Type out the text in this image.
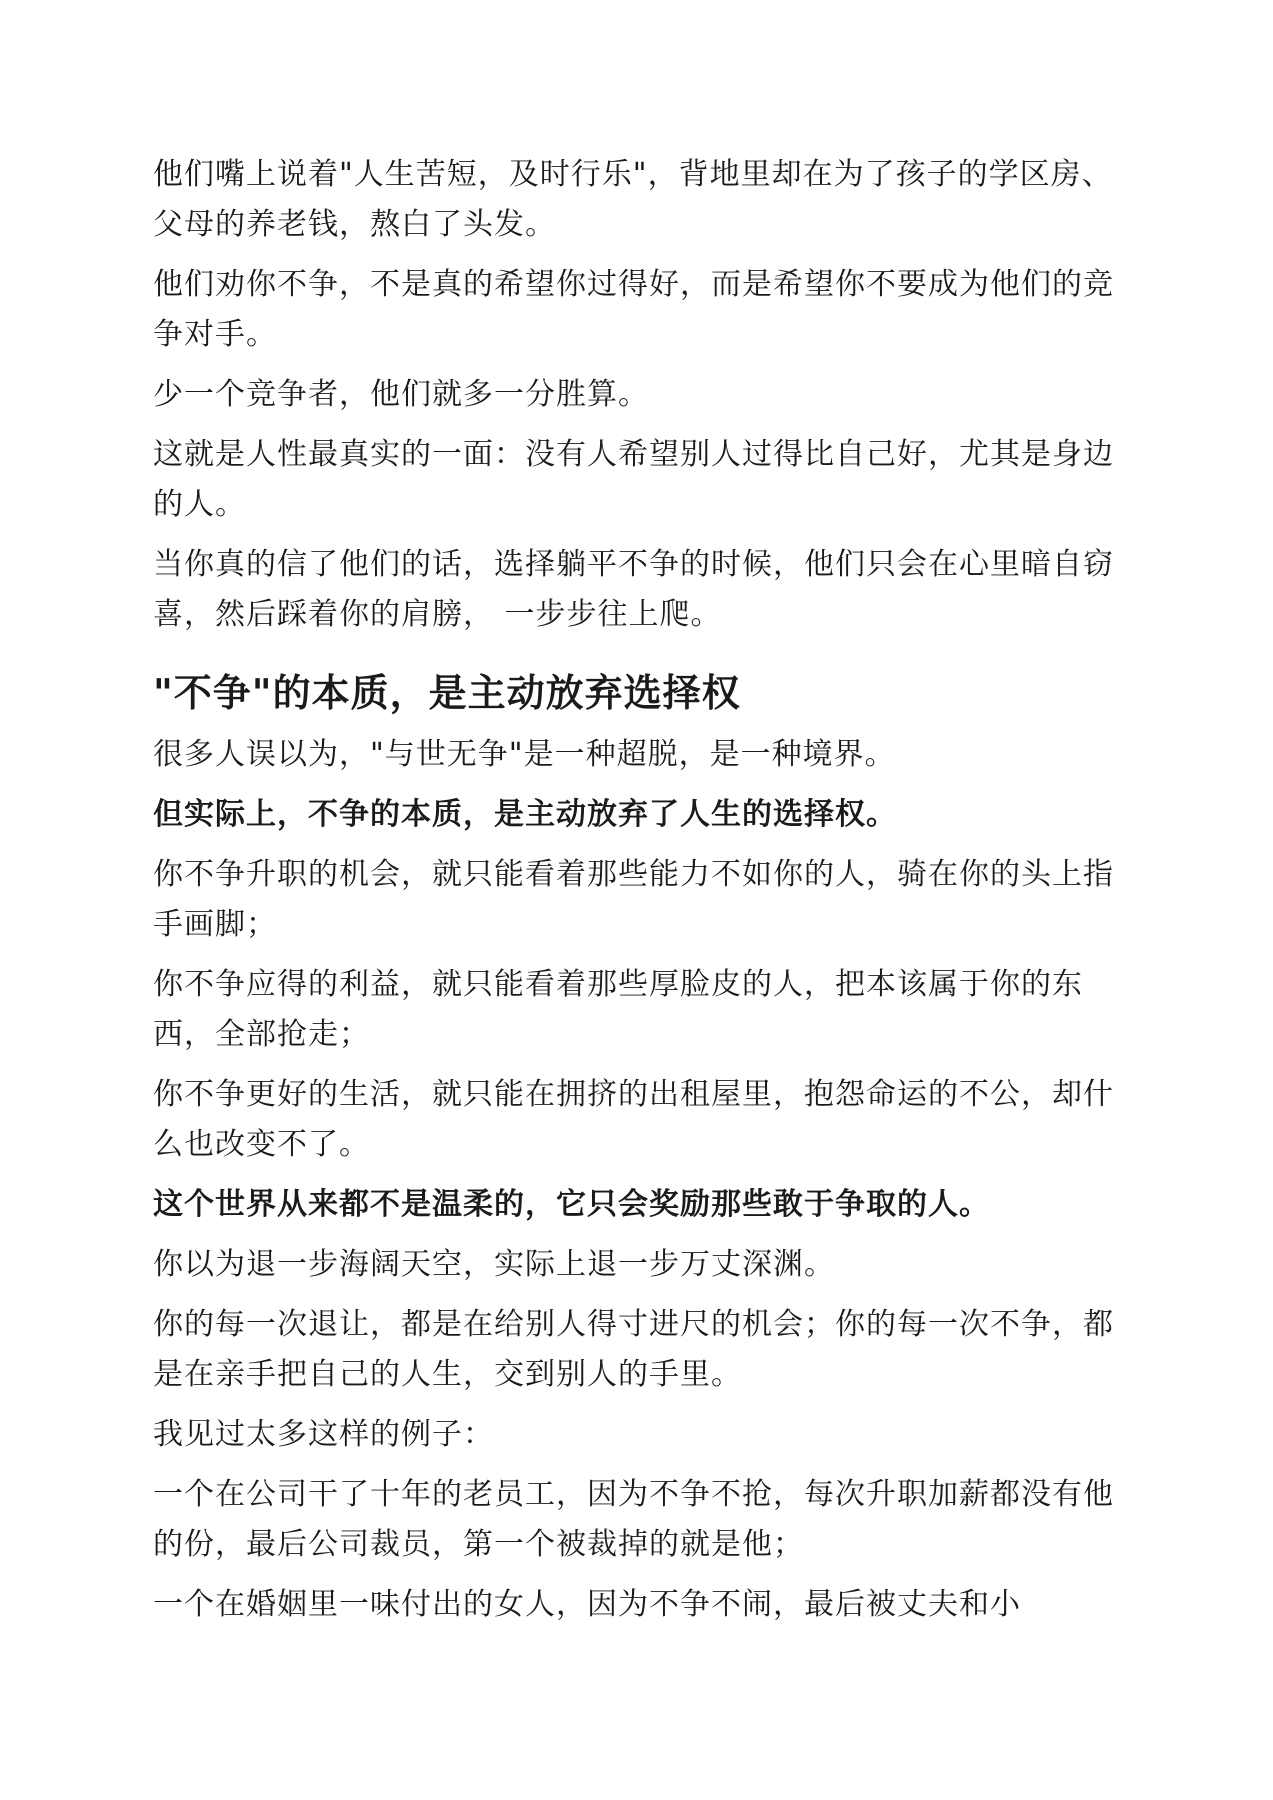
他们嘴上说着"人生苦短，及时行乐"，背地里却在为了孩子的学区房、父母的养老钱，熬白了头发。

他们劝你不争，不是真的希望你过得好，而是希望你不要成为他们的竞争对手。

少一个竞争者，他们就多一分胜算。

这就是人性最真实的一面：没有人希望别人过得比自己好，尤其是身边的人。

当你真的信了他们的话，选择躺平不争的时候，他们只会在心里暗自窃喜，然后踩着你的肩膀， 一步步往上爬。

"不争"的本质，是主动放弃选择权

很多人误以为，"与世无争"是一种超脱，是一种境界。

但实际上，不争的本质，是主动放弃了人生的选择权。

你不争升职的机会，就只能看着那些能力不如你的人，骑在你的头上指手画脚；

你不争应得的利益，就只能看着那些厚脸皮的人，把本该属于你的东西，全部抢走；

你不争更好的生活，就只能在拥挤的出租屋里，抱怨命运的不公，却什么也改变不了。

这个世界从来都不是温柔的，它只会奖励那些敢于争取的人。

你以为退一步海阔天空，实际上退一步万丈深渊。

你的每一次退让，都是在给别人得寸进尺的机会；你的每一次不争，都是在亲手把自己的人生，交到别人的手里。

我见过太多这样的例子：

一个在公司干了十年的老员工，因为不争不抢，每次升职加薪都没有他的份，最后公司裁员，第一个被裁掉的就是他；

一个在婚姻里一味付出的女人，因为不争不闹，最后被丈夫和小
